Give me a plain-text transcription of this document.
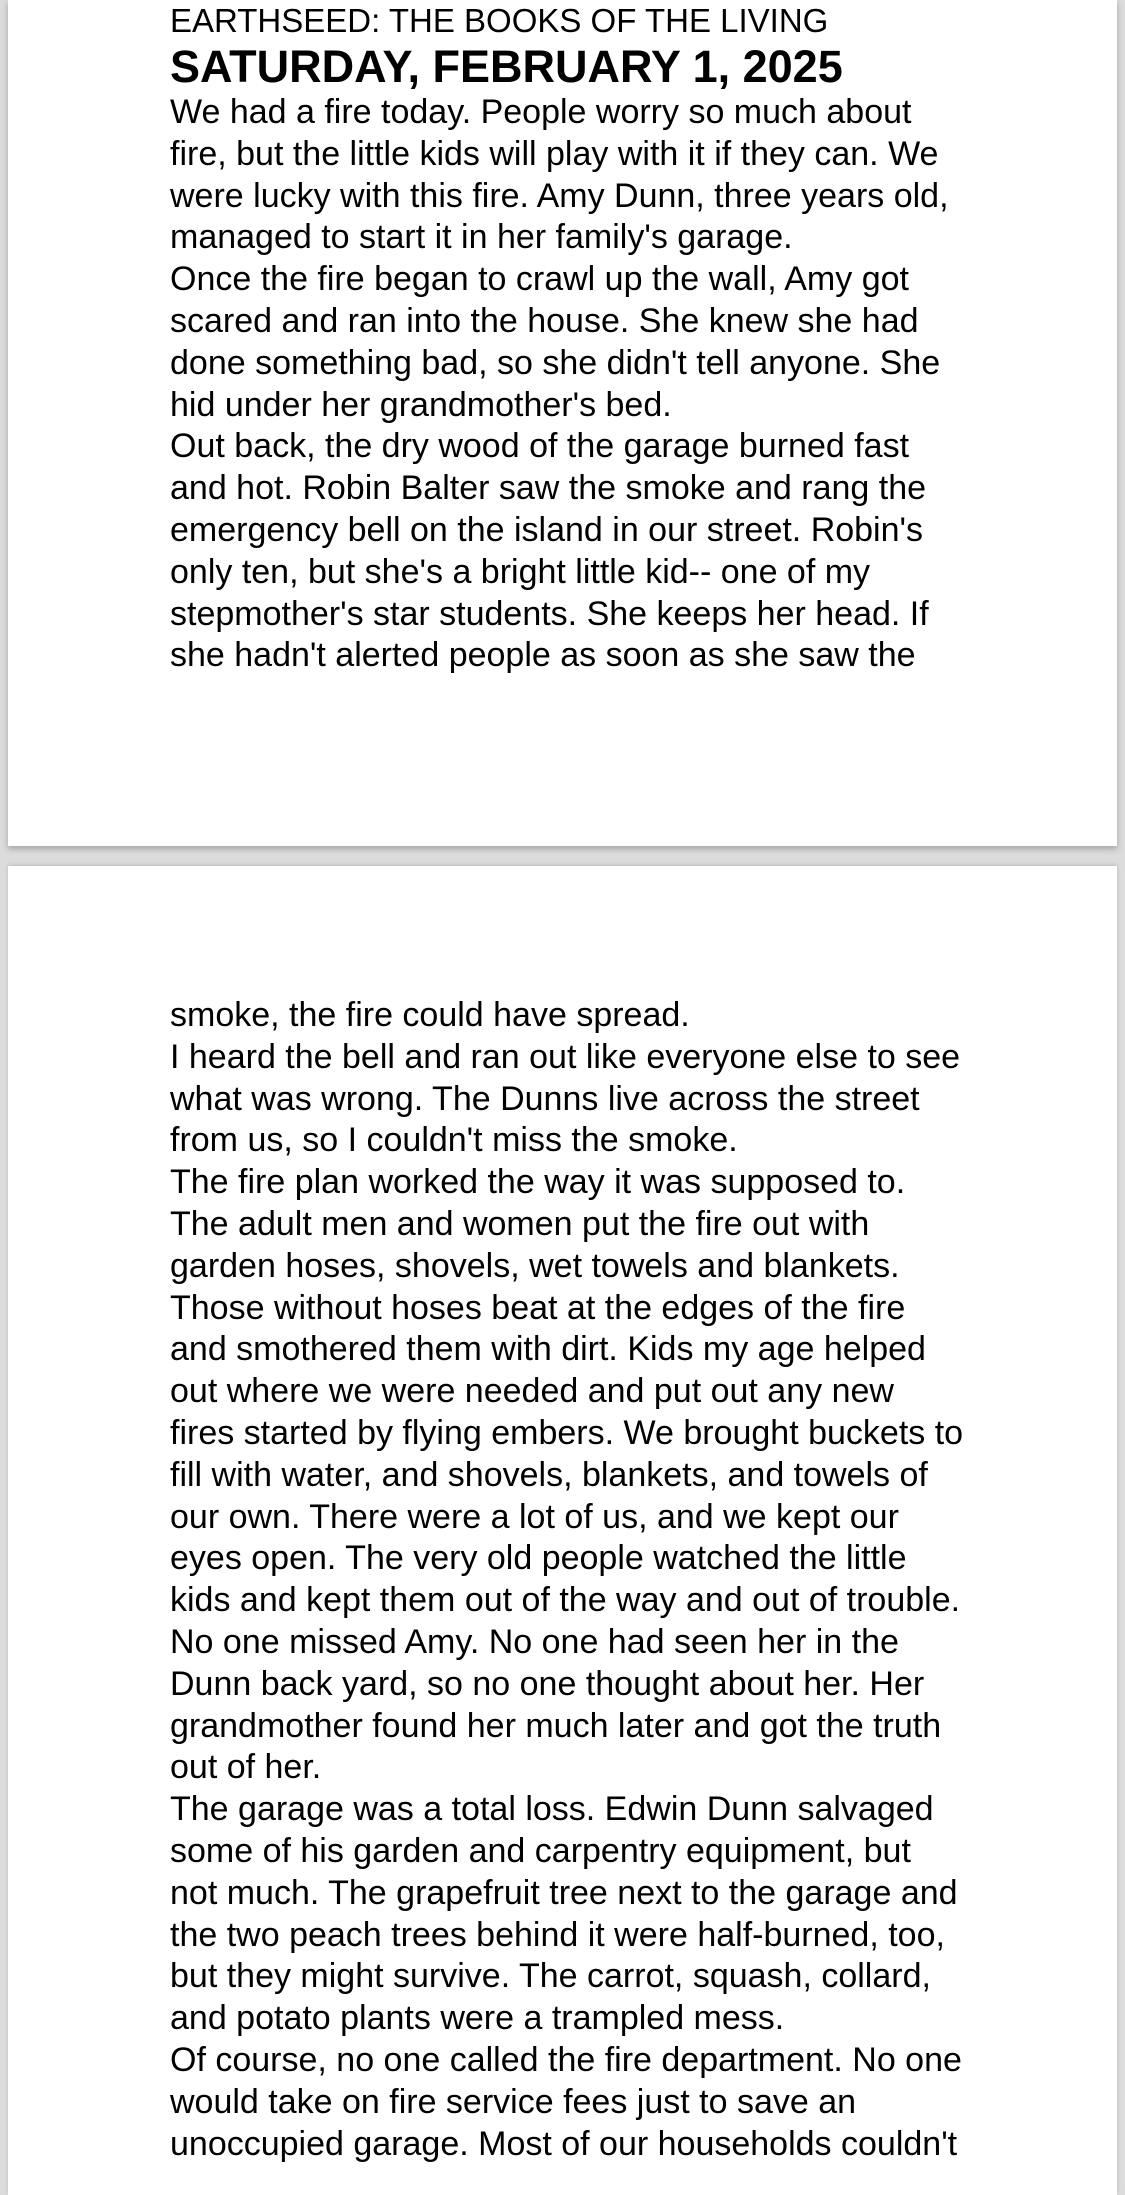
EARTHSEED: THE BOOKS OF THE LIVING
SATURDAY, FEBRUARY 1, 2025
We had a fire today. People worry so much about
fire, but the little kids will play with it if they can. We
were lucky with this fire. Amy Dunn, three years old,
managed to start it in her family's garage.
Once the fire began to crawl up the wall, Amy got
scared and ran into the house. She knew she had
done something bad, so she didn't tell anyone. She
hid under her grandmother's bed.
Out back, the dry wood of the garage burned fast
and hot. Robin Balter saw the smoke and rang the
emergency bell on the island in our street. Robin's
only ten, but she's a bright little kid-- one of my
stepmother's star students. She keeps her head. If
she hadn't alerted people as soon as she saw the
smoke, the fire could have spread.
I heard the bell and ran out like everyone else to see
what was wrong. The Dunns live across the street
from us, so I couldn't miss the smoke.
The fire plan worked the way it was supposed to.
The adult men and women put the fire out with
garden hoses, shovels, wet towels and blankets.
Those without hoses beat at the edges of the fire
and smothered them with dirt. Kids my age helped
out where we were needed and put out any new
fires started by flying embers. We brought buckets to
fill with water, and shovels, blankets, and towels of
our own. There were a lot of us, and we kept our
eyes open. The very old people watched the little
kids and kept them out of the way and out of trouble.
No one missed Amy. No one had seen her in the
Dunn back yard, so no one thought about her. Her
grandmother found her much later and got the truth
out of her.
The garage was a total loss. Edwin Dunn salvaged
some of his garden and carpentry equipment, but
not much. The grapefruit tree next to the garage and
the two peach trees behind it were half-burned, too,
but they might survive. The carrot, squash, collard,
and potato plants were a trampled mess.
Of course, no one called the fire department. No one
would take on fire service fees just to save an
unoccupied garage. Most of our households couldn't
